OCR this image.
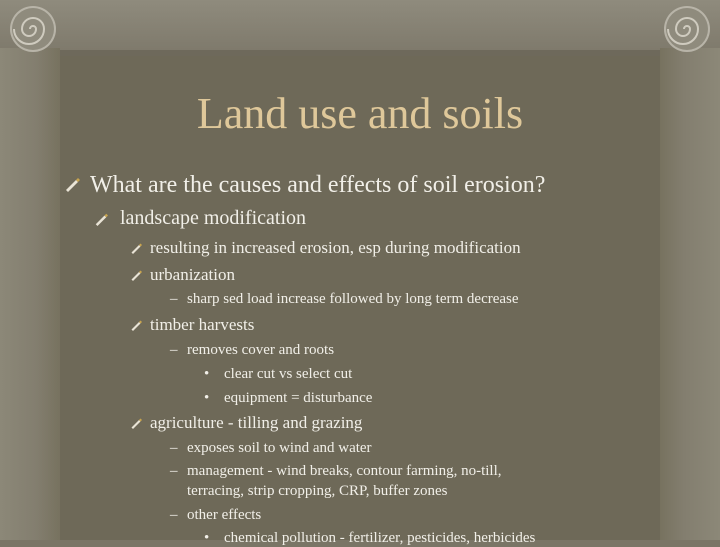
Land use and soils
What are the causes and effects of soil erosion?
landscape modification
resulting in increased erosion, esp during modification
urbanization
– sharp sed load increase followed by long term decrease
timber harvests
– removes cover and roots
• clear cut vs select cut
• equipment = disturbance
agriculture - tilling and grazing
– exposes soil to wind and water
– management - wind breaks, contour farming, no-till,
terracing, strip cropping, CRP, buffer zones
– other effects
• chemical pollution - fertilizer, pesticides, herbicides
